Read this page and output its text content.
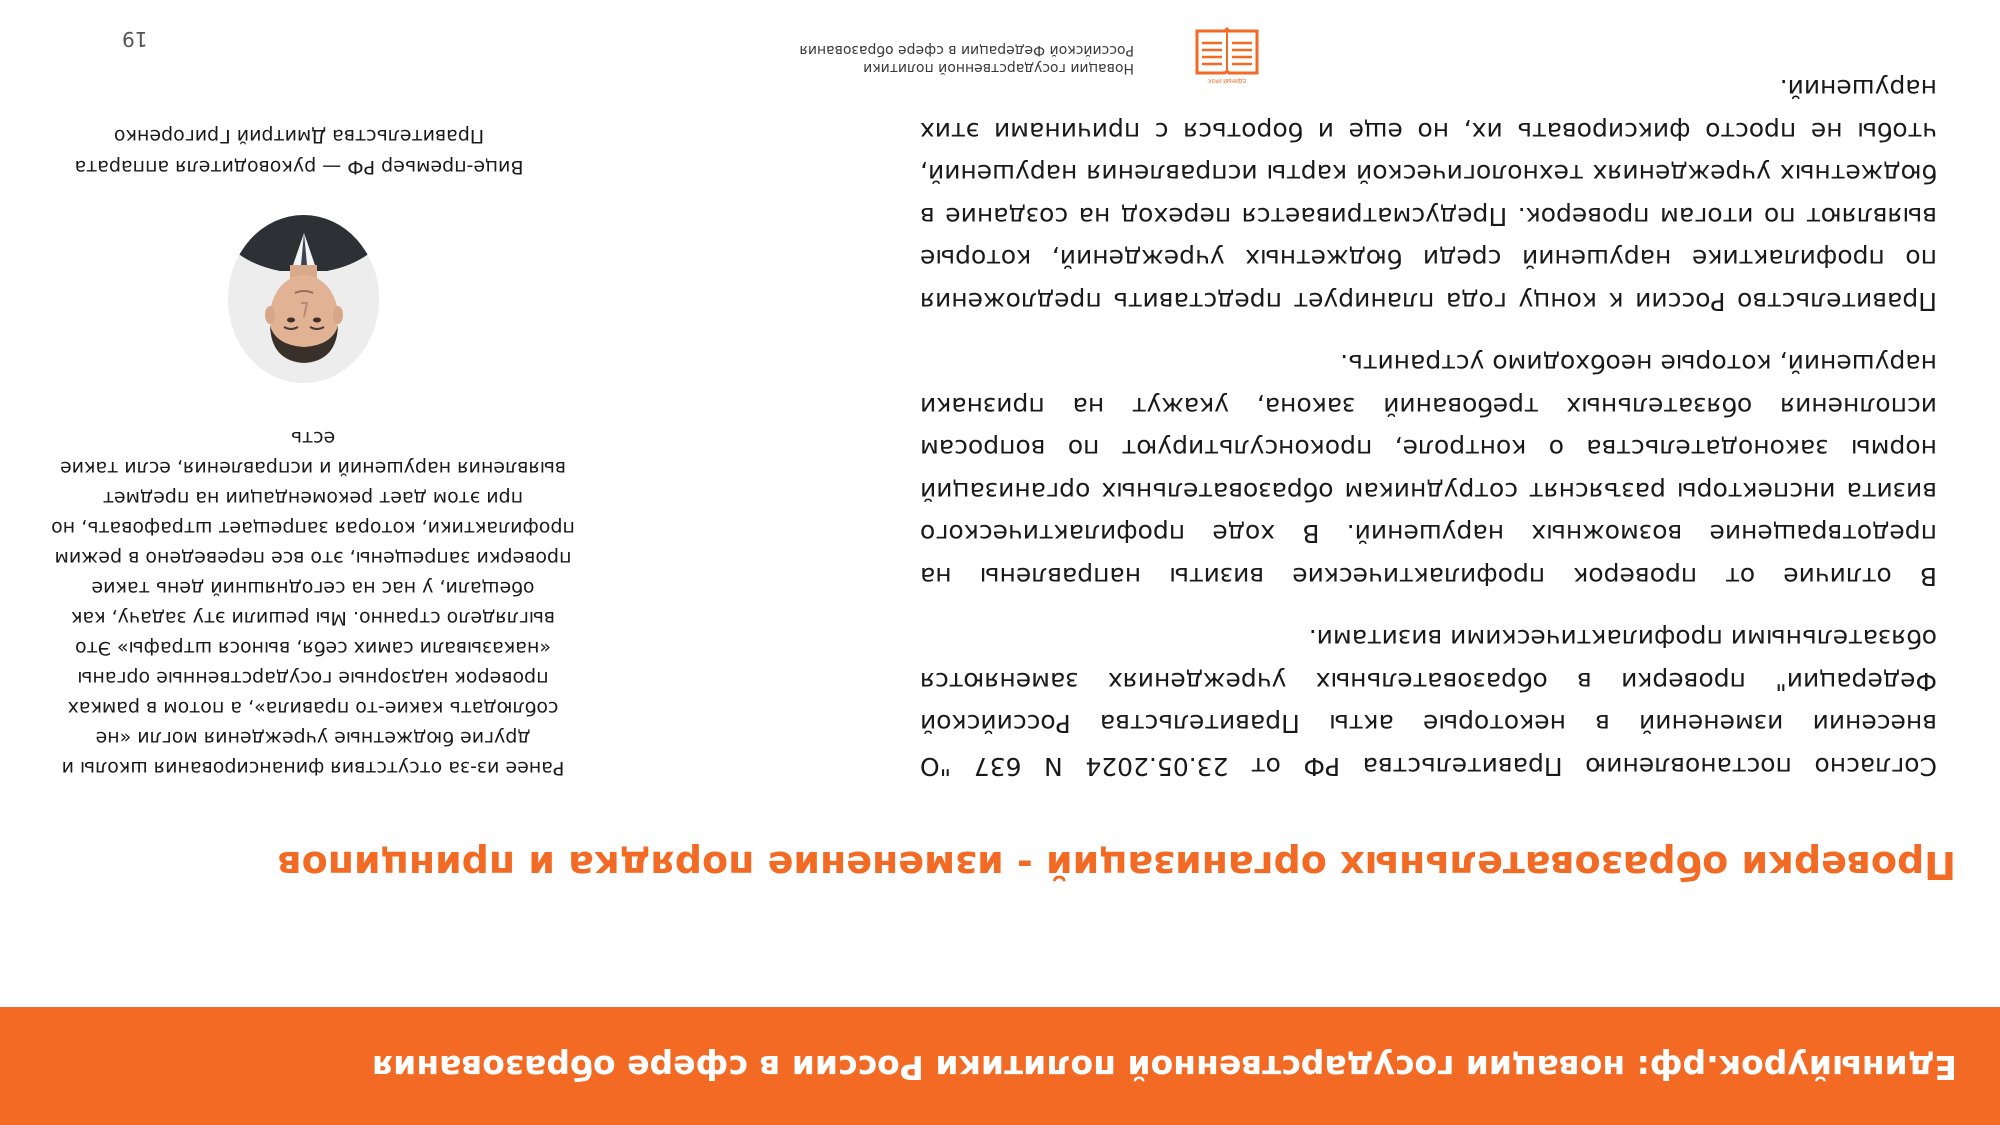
Единыйурок.рф: новации государственной политики России в сфере образования
Проверки образовательных организаций - изменение порядка и принципов

Согласно постановлению Правительства РФ от 23.05.2024 N 637 "О внесении изменений в некоторые акты Правительства Российской Федерации" проверки в образовательных учреждениях заменяются обязательными профилактическими визитами.

В отличие от проверок профилактические визиты направлены на предотвращение возможных нарушений. В ходе профилактического визита инспекторы разъяснят сотрудникам образовательных организаций нормы законодательства о контроле, проконсультируют по вопросам исполнения обязательных требований закона, укажут на признаки нарушений, которые необходимо устранить.

Правительство России к концу года планирует представить предложения по профилактике нарушений среди бюджетных учреждений, которые выявляют по итогам проверок. Предусматривается переход на создание в бюджетных учреждениях технологической карты исправления нарушений, чтобы не просто фиксировать их, но еще и бороться с причинами этих нарушений.

Ранее из-за отсутствия финансирования школы и другие бюджетные учреждения могли «не соблюдать какие-то правила», а потом в рамках проверок надзорные государственные органы «наказывали самих себя, вынося штрафы» Это выглядело странно. Мы решили эту задачу, как обещали, у нас на сегодняшний день такие проверки запрещены, это все переведено в режим профилактики, которая запрещает штрафовать, но при этом дает рекомендации на предмет выявления нарушений и исправления, если такие есть
Вице-премьер РФ — руководителя аппарата Правительства Дмитрий Григоренко
ЕДИНЫЙ УРОК
Новации государственной политики
Российской Федерации в сфере образования
19
